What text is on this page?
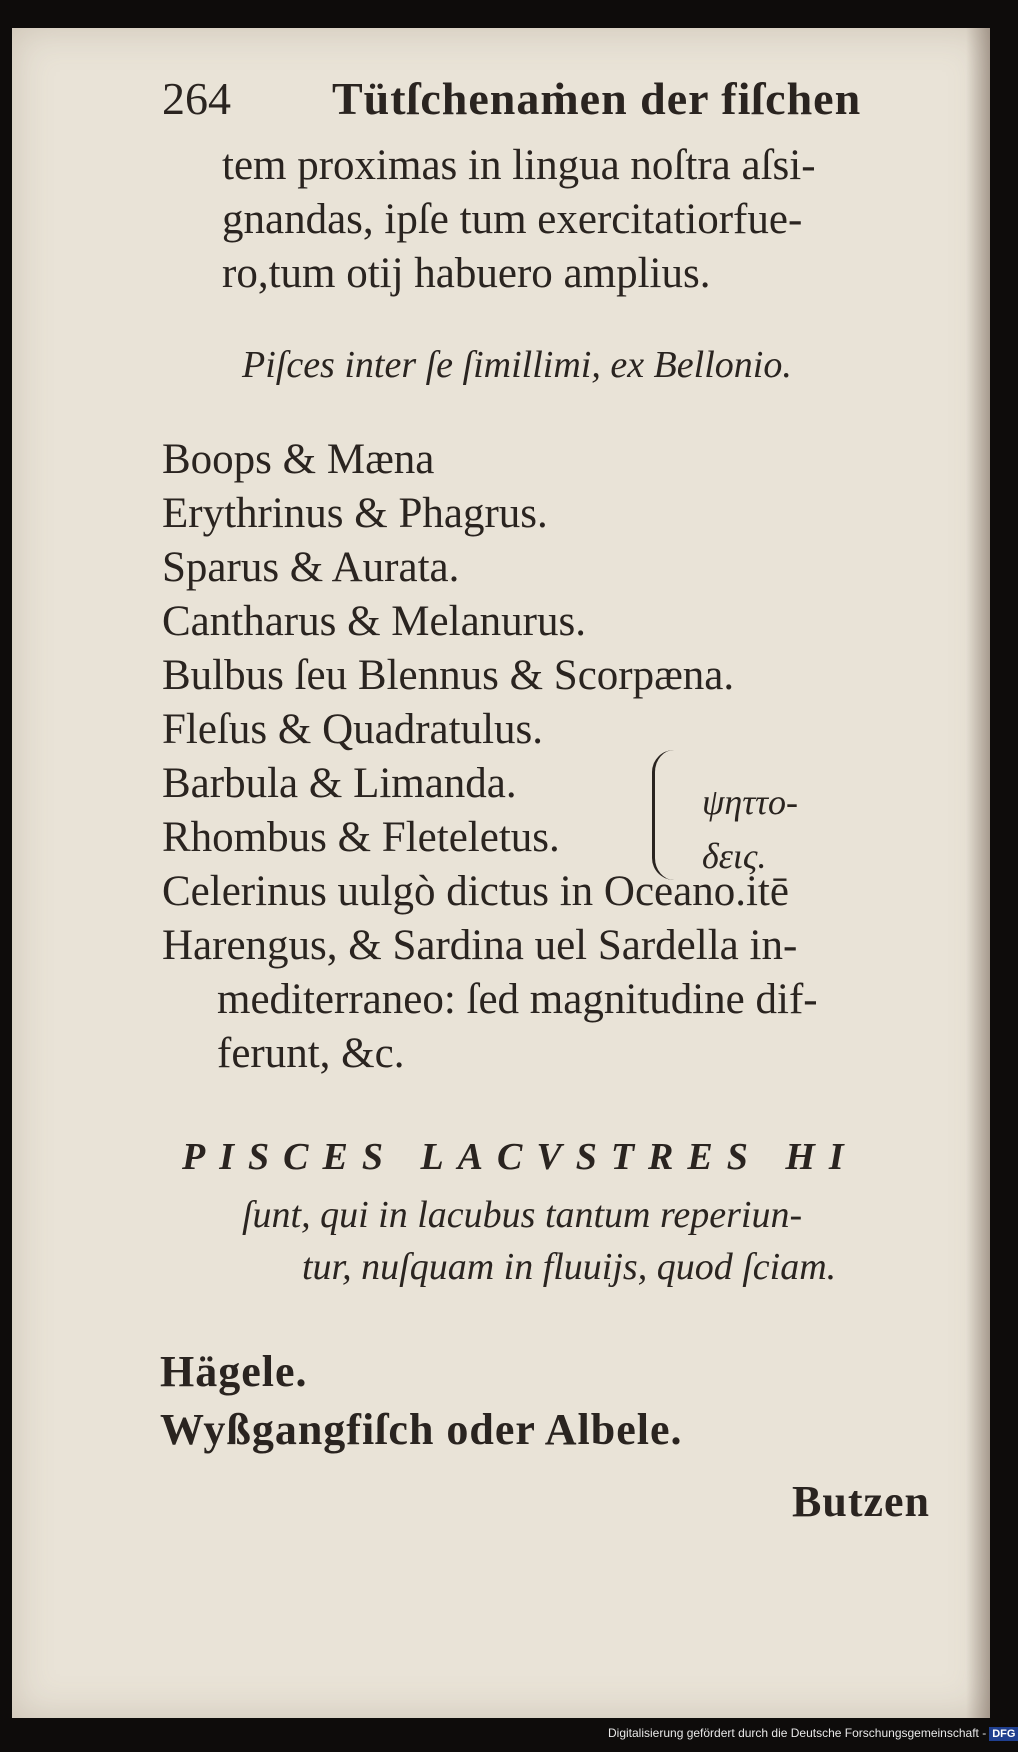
264 Tütſchenaṁen der fiſchen
tem proximas in lingua noſtra aſsi-
gnandas, ipſe tum exercitatiorfue-
ro,tum otij habuero amplius.
Piſces inter ſe ſimillimi, ex Bellonio.
Boops & Mæna
Erythrinus & Phagrus.
Sparus & Aurata.
Cantharus & Melanurus.
Bulbus ſeu Blennus & Scorpæna.
Fleſus & Quadratulus.
Barbula & Limanda.
Rhombus & Fleteletus.
Celerinus uulgò dictus in Oceano.itē
Harengus, & Sardina uel Sardella in-
mediterraneo: ſed magnitudine dif-
ferunt, &c.
ψηττο-
δεις.
PISCES LACVSTRES HI
ſunt, qui in lacubus tantum reperiun-
tur, nuſquam in fluuijs, quod ſciam.
Hägele.
Wyßgangfiſch oder Albele.
Butzen
Digitalisierung gefördert durch die Deutsche Forschungsgemeinschaft - DFG
